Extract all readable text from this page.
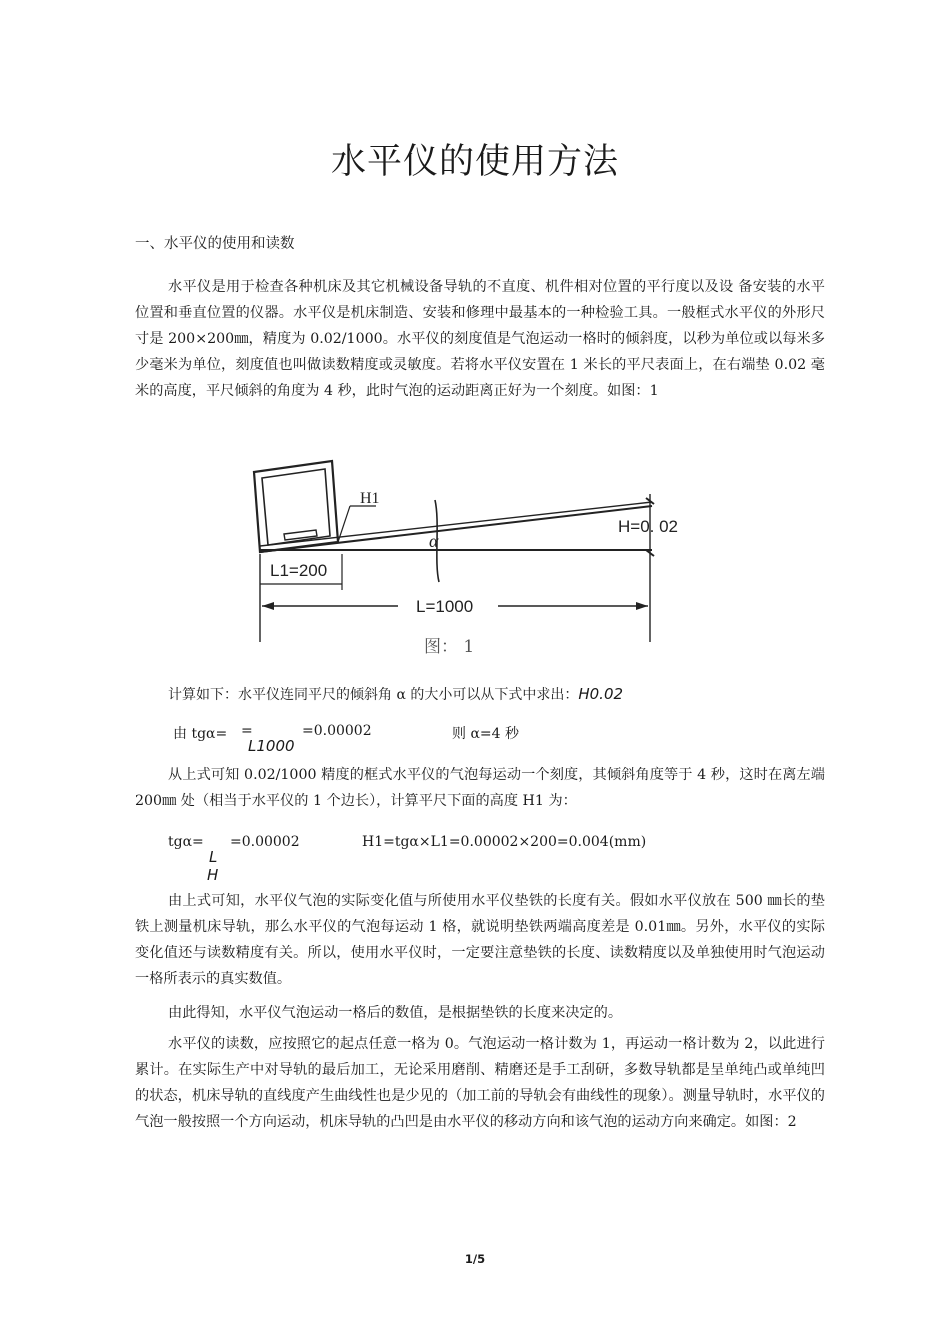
水平仪的使用方法
一、水平仪的使用和读数

水平仪是用于检查各种机床及其它机械设备导轨的不直度、机件相对位置的平行度以及设 备安装的水平位置和垂直位置的仪器。水平仪是机床制造、安装和修理中最基本的一种检验工具。一般框式水平仪的外形尺寸是 200×200㎜，精度为 0.02/1000。水平仪的刻度值是气泡运动一格时的倾斜度，以秒为单位或以每米多少毫米为单位，刻度值也叫做读数精度或灵敏度。若将水平仪安置在 1 米长的平尺表面上，在右端垫 0.02 毫米的高度，平尺倾斜的角度为 4 秒，此时气泡的运动距离正好为一个刻度。如图：1

H1
H=0. 02
α
L1=200
L=1000
图： 1
计算如下：水平仪连同平尺的倾斜角 α 的大小可以从下式中求出：H0.02
由 tgα= =
L1000
=0.00002	则 α=4 秒

从上式可知 0.02/1000 精度的框式水平仪的气泡每运动一个刻度，其倾斜角度等于 4 秒，这时在离左端 200㎜ 处（相当于水平仪的 1 个边长），计算平尺下面的高度 H1 为：

tgα= =0.00002
L
H
H1=tgα×L1=0.00002×200=0.004(mm)

由上式可知，水平仪气泡的实际变化值与所使用水平仪垫铁的长度有关。假如水平仪放在 500 ㎜长的垫铁上测量机床导轨，那么水平仪的气泡每运动 1 格，就说明垫铁两端高度差是 0.01㎜。另外，水平仪的实际变化值还与读数精度有关。所以，使用水平仪时，一定要注意垫铁的长度、读数精度以及单独使用时气泡运动一格所表示的真实数值。

由此得知，水平仪气泡运动一格后的数值，是根据垫铁的长度来决定的。

水平仪的读数，应按照它的起点任意一格为 0。气泡运动一格计数为 1，再运动一格计数为 2，以此进行累计。在实际生产中对导轨的最后加工，无论采用磨削、精磨还是手工刮研，多数导轨都是呈单纯凸或单纯凹的状态，机床导轨的直线度产生曲线性也是少见的（加工前的导轨会有曲线性的现象）。测量导轨时，水平仪的气泡一般按照一个方向运动，机床导轨的凸凹是由水平仪的移动方向和该气泡的运动方向来确定。如图：2

1/5
